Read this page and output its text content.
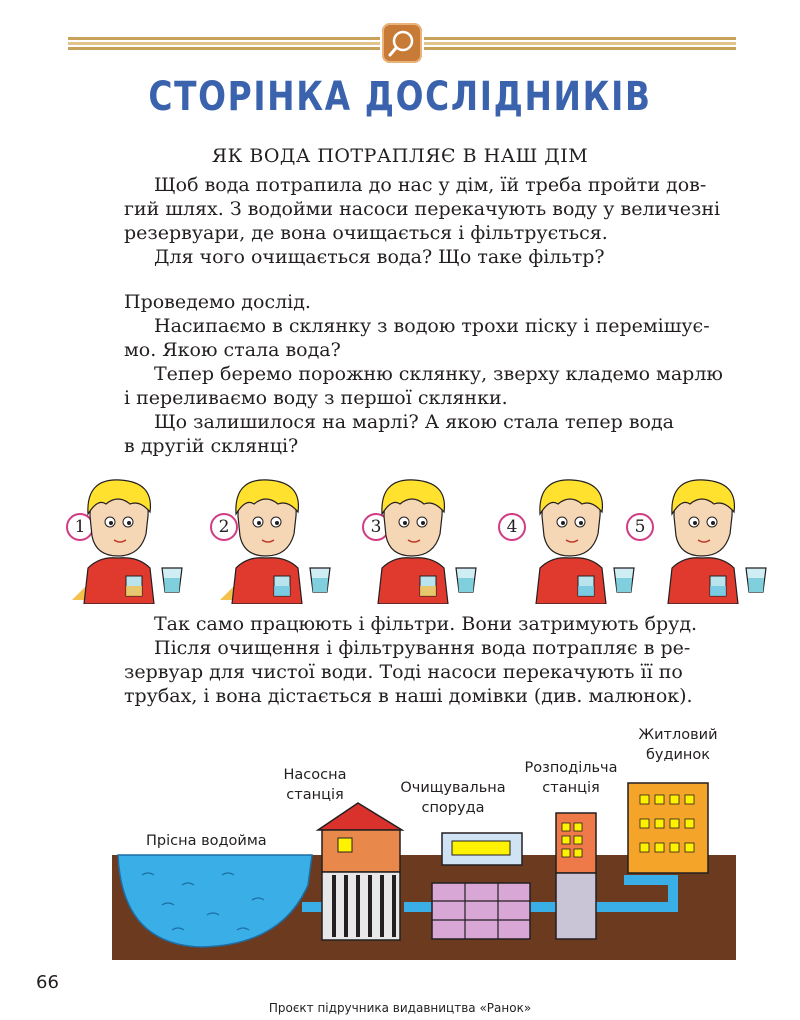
СТОРІНКА ДОСЛІДНИКІВ
ЯК ВОДА ПОТРАПЛЯЄ В НАШ ДІМ
Щоб вода потрапила до нас у дім, їй треба пройти дов-
гий шлях. З водойми насоси перекачують воду у величезні
резервуари, де вона очищається і фільтрується.
Для чого очищається вода? Що таке фільтр?
Проведемо дослід.
Насипаємо в склянку з водою трохи піску і перемішує-
мо. Якою стала вода?
Тепер беремо порожню склянку, зверху кладемо марлю
і переливаємо воду з першої склянки.
Що залишилося на марлі? А якою стала тепер вода
в другій склянці?
1	2	3	4	5
Так само працюють і фільтри. Вони затримують бруд.
Після очищення і фільтрування вода потрапляє в ре-
зервуар для чистої води. Тоді насоси перекачують її по
трубах, і вона дістається в наші домівки (див. малюнок).
Прісна водойма
Насосна
станція	Очищувальна
споруда
Розподільча
станція
Житловий
будинок
66
Проєкт підручника видавництва «Ранок»
